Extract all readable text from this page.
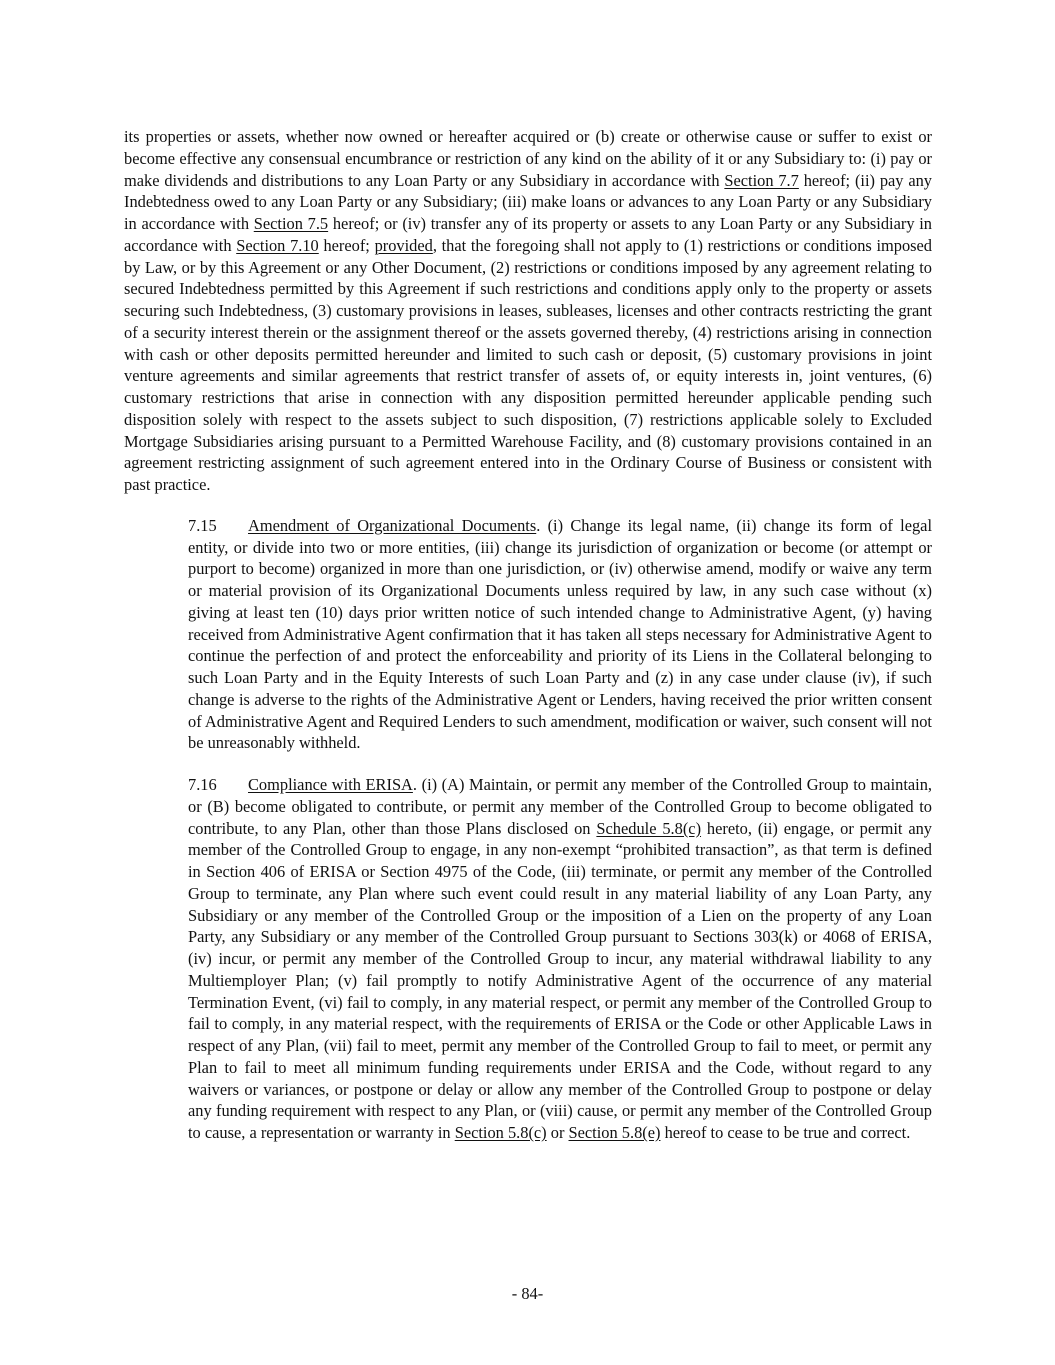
its properties or assets, whether now owned or hereafter acquired or (b) create or otherwise cause or suffer to exist or become effective any consensual encumbrance or restriction of any kind on the ability of it or any Subsidiary to: (i) pay or make dividends and distributions to any Loan Party or any Subsidiary in accordance with Section 7.7 hereof; (ii) pay any Indebtedness owed to any Loan Party or any Subsidiary; (iii) make loans or advances to any Loan Party or any Subsidiary in accordance with Section 7.5 hereof; or (iv) transfer any of its property or assets to any Loan Party or any Subsidiary in accordance with Section 7.10 hereof; provided, that the foregoing shall not apply to (1) restrictions or conditions imposed by Law, or by this Agreement or any Other Document, (2) restrictions or conditions imposed by any agreement relating to secured Indebtedness permitted by this Agreement if such restrictions and conditions apply only to the property or assets securing such Indebtedness, (3) customary provisions in leases, subleases, licenses and other contracts restricting the grant of a security interest therein or the assignment thereof or the assets governed thereby, (4) restrictions arising in connection with cash or other deposits permitted hereunder and limited to such cash or deposit, (5) customary provisions in joint venture agreements and similar agreements that restrict transfer of assets of, or equity interests in, joint ventures, (6) customary restrictions that arise in connection with any disposition permitted hereunder applicable pending such disposition solely with respect to the assets subject to such disposition, (7) restrictions applicable solely to Excluded Mortgage Subsidiaries arising pursuant to a Permitted Warehouse Facility, and (8) customary provisions contained in an agreement restricting assignment of such agreement entered into in the Ordinary Course of Business or consistent with past practice.

7.15 Amendment of Organizational Documents. (i) Change its legal name, (ii) change its form of legal entity, or divide into two or more entities, (iii) change its jurisdiction of organization or become (or attempt or purport to become) organized in more than one jurisdiction, or (iv) otherwise amend, modify or waive any term or material provision of its Organizational Documents unless required by law, in any such case without (x) giving at least ten (10) days prior written notice of such intended change to Administrative Agent, (y) having received from Administrative Agent confirmation that it has taken all steps necessary for Administrative Agent to continue the perfection of and protect the enforceability and priority of its Liens in the Collateral belonging to such Loan Party and in the Equity Interests of such Loan Party and (z) in any case under clause (iv), if such change is adverse to the rights of the Administrative Agent or Lenders, having received the prior written consent of Administrative Agent and Required Lenders to such amendment, modification or waiver, such consent will not be unreasonably withheld.

7.16 Compliance with ERISA. (i) (A) Maintain, or permit any member of the Controlled Group to maintain, or (B) become obligated to contribute, or permit any member of the Controlled Group to become obligated to contribute, to any Plan, other than those Plans disclosed on Schedule 5.8(c) hereto, (ii) engage, or permit any member of the Controlled Group to engage, in any non-exempt “prohibited transaction”, as that term is defined in Section 406 of ERISA or Section 4975 of the Code, (iii) terminate, or permit any member of the Controlled Group to terminate, any Plan where such event could result in any material liability of any Loan Party, any Subsidiary or any member of the Controlled Group or the imposition of a Lien on the property of any Loan Party, any Subsidiary or any member of the Controlled Group pursuant to Sections 303(k) or 4068 of ERISA, (iv) incur, or permit any member of the Controlled Group to incur, any material withdrawal liability to any Multiemployer Plan; (v) fail promptly to notify Administrative Agent of the occurrence of any material Termination Event, (vi) fail to comply, in any material respect, or permit any member of the Controlled Group to fail to comply, in any material respect, with the requirements of ERISA or the Code or other Applicable Laws in respect of any Plan, (vii) fail to meet, permit any member of the Controlled Group to fail to meet, or permit any Plan to fail to meet all minimum funding requirements under ERISA and the Code, without regard to any waivers or variances, or postpone or delay or allow any member of the Controlled Group to postpone or delay any funding requirement with respect to any Plan, or (viii) cause, or permit any member of the Controlled Group to cause, a representation or warranty in Section 5.8(c) or Section 5.8(e) hereof to cease to be true and correct.

- 84-
